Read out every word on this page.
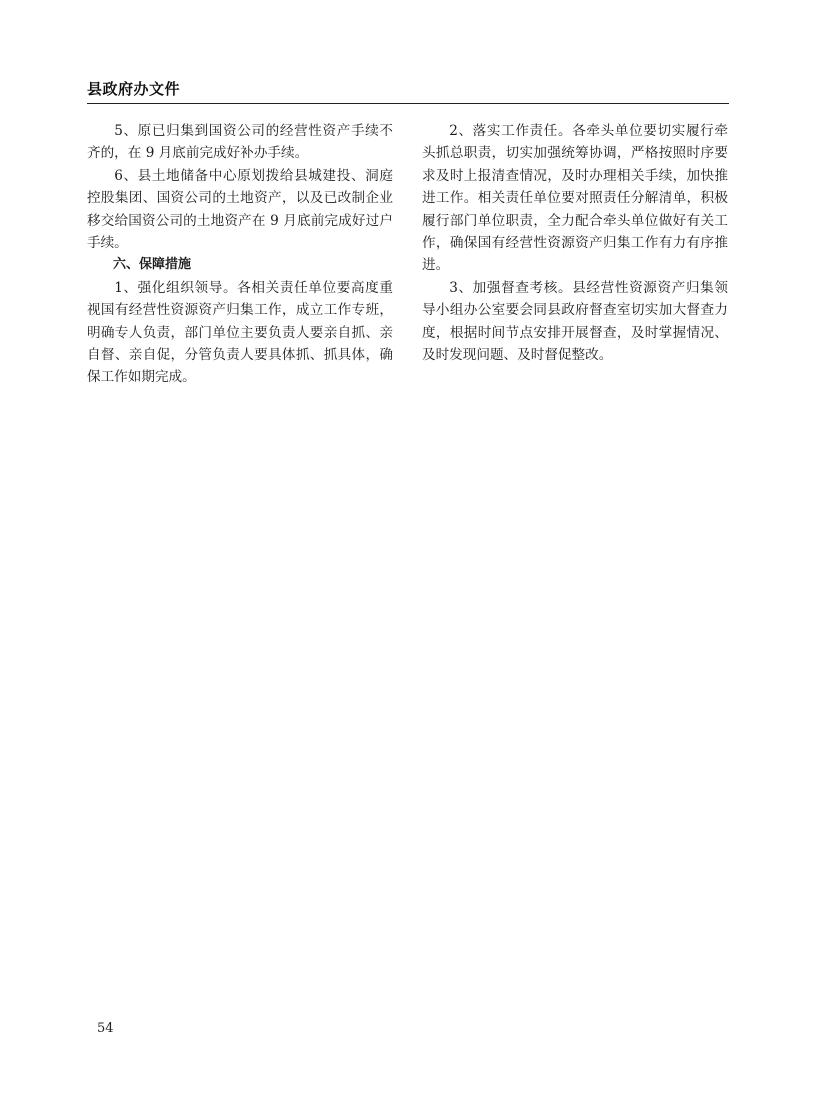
县政府办文件

5、原已归集到国资公司的经营性资产手续不齐的，在 9 月底前完成好补办手续。

6、县土地储备中心原划拨给县城建投、洞庭控股集团、国资公司的土地资产，以及已改制企业移交给国资公司的土地资产在 9 月底前完成好过户手续。

六、保障措施

1、强化组织领导。各相关责任单位要高度重视国有经营性资源资产归集工作，成立工作专班，明确专人负责，部门单位主要负责人要亲自抓、亲自督、亲自促，分管负责人要具体抓、抓具体，确保工作如期完成。

2、落实工作责任。各牵头单位要切实履行牵头抓总职责，切实加强统筹协调，严格按照时序要求及时上报清查情况，及时办理相关手续，加快推进工作。相关责任单位要对照责任分解清单，积极履行部门单位职责，全力配合牵头单位做好有关工作，确保国有经营性资源资产归集工作有力有序推进。

3、加强督查考核。县经营性资源资产归集领导小组办公室要会同县政府督查室切实加大督查力度，根据时间节点安排开展督查，及时掌握情况、及时发现问题、及时督促整改。

54
